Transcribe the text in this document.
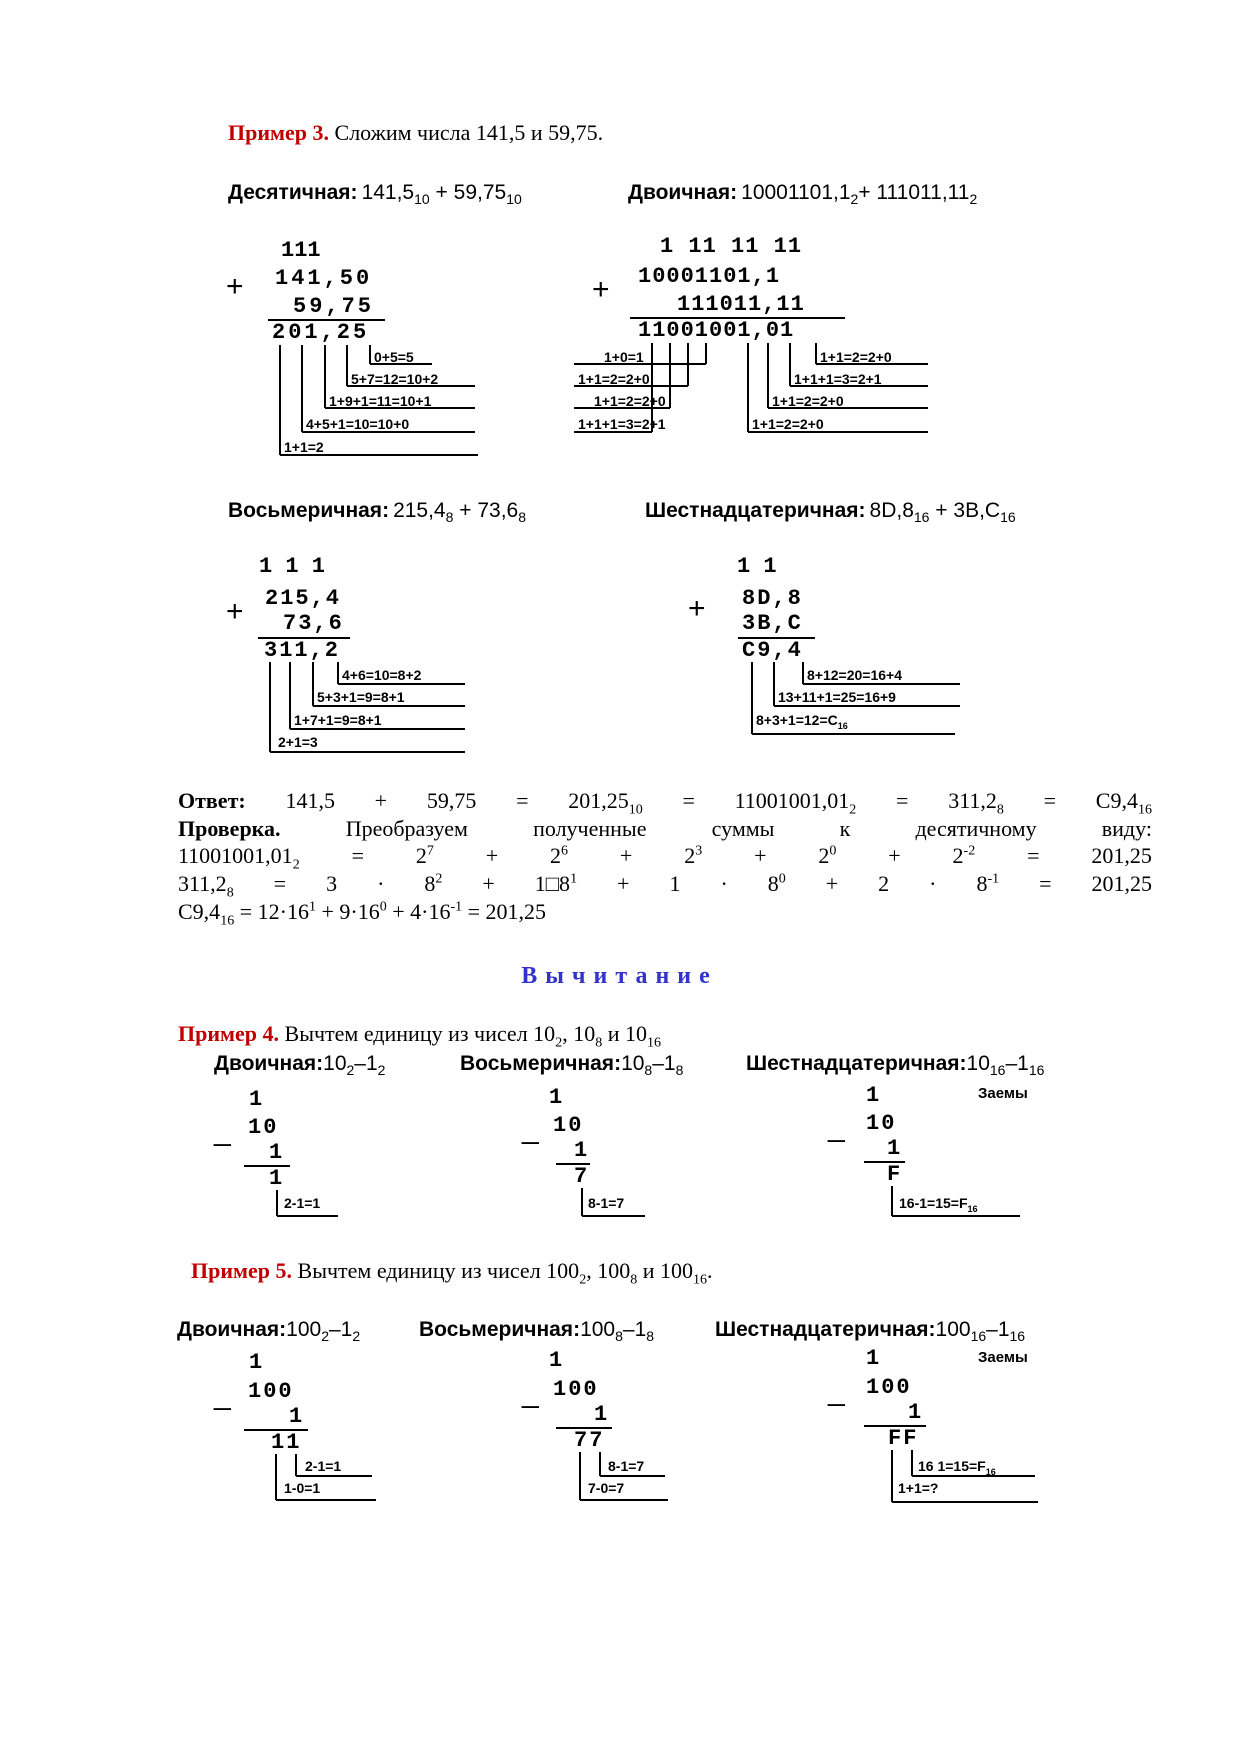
Пример 3. Сложим числа 141,5 и 59,75.
Десятичная: $141,5_{10} + 59,75_{10}$	Двоичная: $10001101,1_2+ 111011,11_2$
+
111
141,50
59,75
201,25
0+5=5
5+7=12=10+2
1+9+1=11=10+1
4+5+1=10=10+0
1+1=2
+
1 11 11 11
10001101,1
111011,11
11001001,01
1+0=1
1+1=2=2+0
1+1=2=2+0
1+1+1=3=2+1
1+1=2=2+0
1+1+1=3=2+1
1+1=2=2+0
1+1=2=2+0
Восьмеричная: $215,4_8 + 73,6_8$	Шестнадцатеричная: $8D,8_{16} + 3B,C_{16}$
+
1 1 1
215,4
73,6
311,2
4+6=10=8+2
5+3+1=9=8+1
1+7+1=9=8+1
2+1=3
+
1 1
8D,8
3B,C
C9,4
8+12=20=16+4
13+11+1=25=16+9
$8+3+1=12=C_{16}$
Ответ: $141,5 + 59,75 = 201,25_{10} = 11001001,01_2 = 311,2_8 = C9,4_{16}$
Проверка.	Преобразуем	полученные	суммы	к	десятичному	виду:
$11001001,01_2 = 2^7 + 2^6 + 2^3 + 2^0 + 2^{-2} = 201,25$
$311,2_8 = 3 \cdot 8^2$ + $1□8^1 + 1 \cdot 8^0 + 2 \cdot 8^{-1} = 201,25$
$C9,4_{16} = 12\cdot 16^1 + 9\cdot 16^0 + 4\cdot 16^{-1} = 201,25$
Вычитание
Пример 4. Вычтем единицу из чисел $10_2$, $10_8$ и $10_{16}$
$Двоичная:10_2-1_2$	$Восьмеричная:10_8-1_8$	$Шестнадцатеричная:10_{16}-1_{16}$
Заемы
1
_ 10
1
1
2-1=1
1
_ 10
1
7
8-1=7
1
_ 10
1
F
$16-1=15=F_{16}$
Пример 5. Вычтем единицу из чисел $100_2$, $100_8$ и $100_{16}$.
$Двоичная:100_2-1_2$	$Восьмеричная:100_8-1_8$	$Шестнадцатеричная:100_{16}-1_{16}$
Заемы
1
_ 100
1
11
2-1=1
1-0=1
1
_ 100
1
77
8-1=7
7-0=7
1
_ 100
1
FF
16 $1=15=F_{16}$
1+1=?
